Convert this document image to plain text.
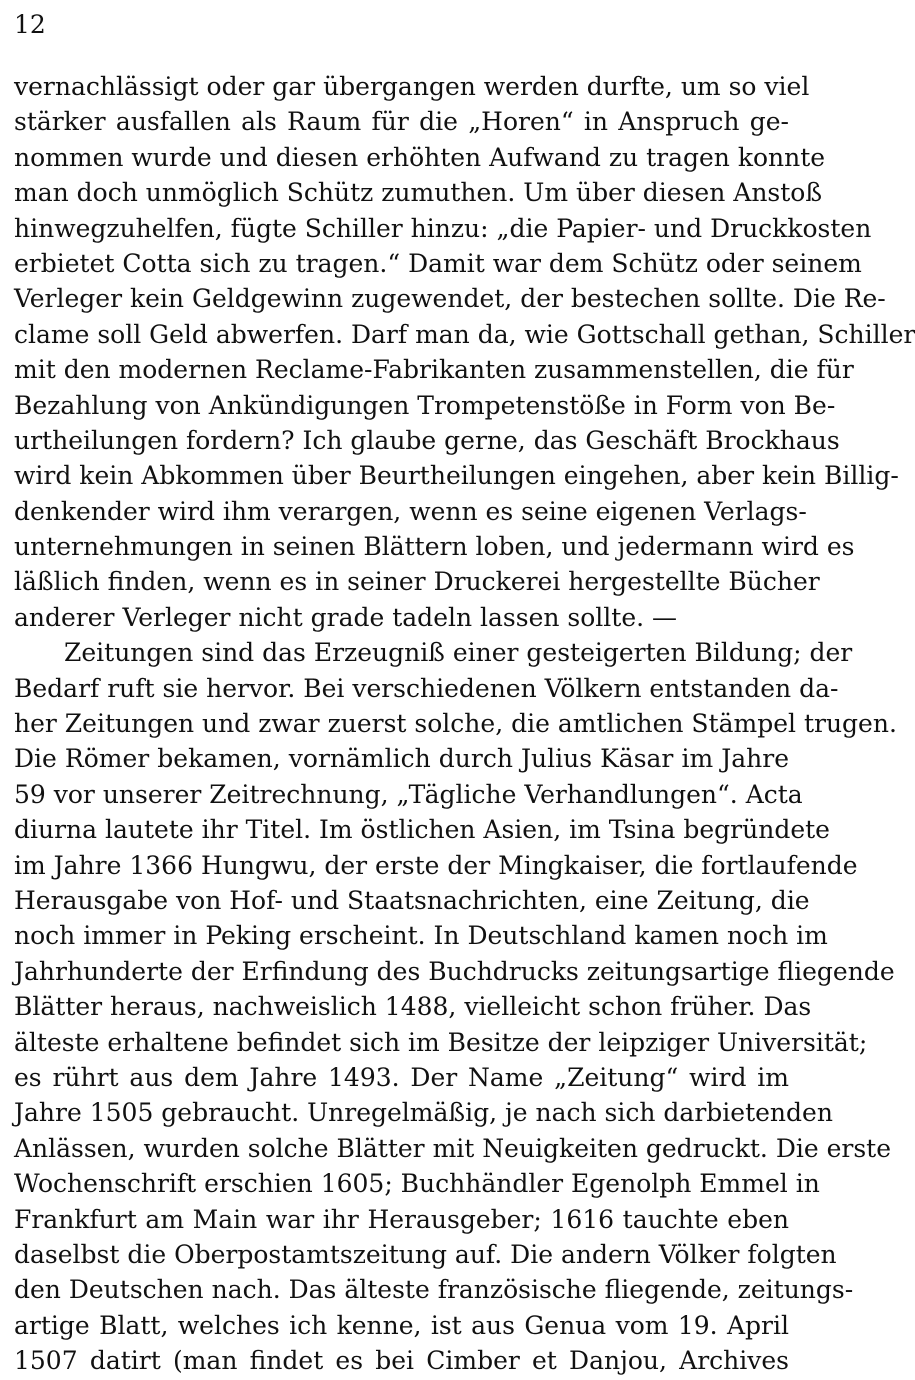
12
vernachlässigt oder gar übergangen werden durfte, um so viel
stärker ausfallen als Raum für die „Horen“ in Anspruch ge-
nommen wurde und diesen erhöhten Aufwand zu tragen konnte
man doch unmöglich Schütz zumuthen. Um über diesen Anstoß
hinwegzuhelfen, fügte Schiller hinzu: „die Papier- und Druckkosten
erbietet Cotta sich zu tragen.“ Damit war dem Schütz oder seinem
Verleger kein Geldgewinn zugewendet, der bestechen sollte. Die Re-
clame soll Geld abwerfen. Darf man da, wie Gottschall gethan, Schiller
mit den modernen Reclame-Fabrikanten zusammenstellen, die für
Bezahlung von Ankündigungen Trompetenstöße in Form von Be-
urtheilungen fordern? Ich glaube gerne, das Geschäft Brockhaus
wird kein Abkommen über Beurtheilungen eingehen, aber kein Billig-
denkender wird ihm verargen, wenn es seine eigenen Verlags-
unternehmungen in seinen Blättern loben, und jedermann wird es
läßlich finden, wenn es in seiner Druckerei hergestellte Bücher
anderer Verleger nicht grade tadeln lassen sollte. —
Zeitungen sind das Erzeugniß einer gesteigerten Bildung; der
Bedarf ruft sie hervor. Bei verschiedenen Völkern entstanden da-
her Zeitungen und zwar zuerst solche, die amtlichen Stämpel trugen.
Die Römer bekamen, vornämlich durch Julius Käsar im Jahre
59 vor unserer Zeitrechnung, „Tägliche Verhandlungen“. Acta
diurna lautete ihr Titel. Im östlichen Asien, im Tsina begründete
im Jahre 1366 Hungwu, der erste der Mingkaiser, die fortlaufende
Herausgabe von Hof- und Staatsnachrichten, eine Zeitung, die
noch immer in Peking erscheint. In Deutschland kamen noch im
Jahrhunderte der Erfindung des Buchdrucks zeitungsartige fliegende
Blätter heraus, nachweislich 1488, vielleicht schon früher. Das
älteste erhaltene befindet sich im Besitze der leipziger Universität;
es rührt aus dem Jahre 1493. Der Name „Zeitung“ wird im
Jahre 1505 gebraucht. Unregelmäßig, je nach sich darbietenden
Anlässen, wurden solche Blätter mit Neuigkeiten gedruckt. Die erste
Wochenschrift erschien 1605; Buchhändler Egenolph Emmel in
Frankfurt am Main war ihr Herausgeber; 1616 tauchte eben
daselbst die Oberpostamtszeitung auf. Die andern Völker folgten
den Deutschen nach. Das älteste französische fliegende, zeitungs-
artige Blatt, welches ich kenne, ist aus Genua vom 19. April
1507 datirt (man findet es bei Cimber et Danjou, Archives
